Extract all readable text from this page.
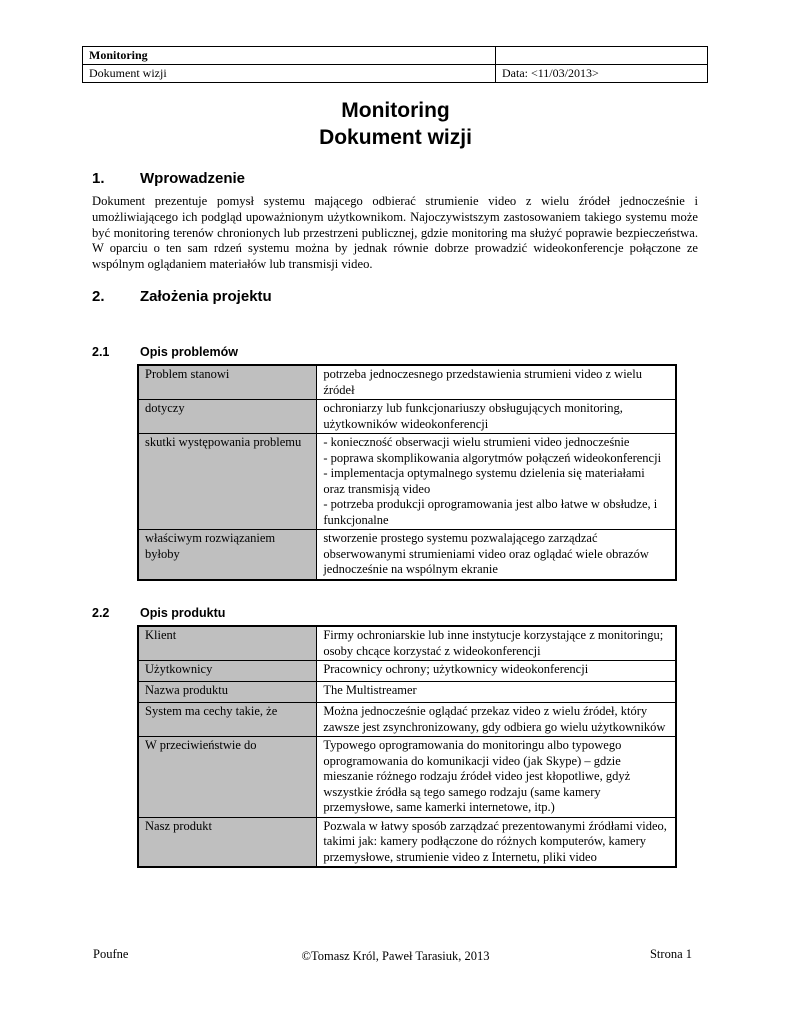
Monitoring	
Dokument wizji	Data: <11/03/2013>
Monitoring
Dokument wizji
1. Wprowadzenie

Dokument prezentuje pomysł systemu mającego odbierać strumienie video z wielu źródeł jednocześnie i umożliwiającego ich podgląd upoważnionym użytkownikom. Najoczywistszym zastosowaniem takiego systemu może być monitoring terenów chronionych lub przestrzeni publicznej, gdzie monitoring ma służyć poprawie bezpieczeństwa. W oparciu o ten sam rdzeń systemu można by jednak równie dobrze prowadzić wideokonferencje połączone ze wspólnym oglądaniem materiałów lub transmisji video.

2. Założenia projektu
2.1 Opis problemów
Problem stanowi	potrzeba jednoczesnego przedstawienia strumieni video z wielu źródeł
dotyczy	ochroniarzy lub funkcjonariuszy obsługujących monitoring, użytkowników wideokonferencji
skutki występowania problemu	- konieczność obserwacji wielu strumieni video jednocześnie
- poprawa skomplikowania algorytmów połączeń wideokonferencji
- implementacja optymalnego systemu dzielenia się materiałami oraz transmisją video
- potrzeba produkcji oprogramowania jest albo łatwe w obsłudze, i funkcjonalne
właściwym rozwiązaniem byłoby	stworzenie prostego systemu pozwalającego zarządzać obserwowanymi strumieniami video oraz oglądać wiele obrazów jednocześnie na wspólnym ekranie
2.2 Opis produktu
Klient	Firmy ochroniarskie lub inne instytucje korzystające z monitoringu; osoby chcące korzystać z wideokonferencji
Użytkownicy	Pracownicy ochrony; użytkownicy wideokonferencji
Nazwa produktu	The Multistreamer
System ma cechy takie, że	Można jednocześnie oglądać przekaz video z wielu źródeł, który zawsze jest zsynchronizowany, gdy odbiera go wielu użytkowników
W przeciwieństwie do	Typowego oprogramowania do monitoringu albo typowego oprogramowania do komunikacji video (jak Skype) – gdzie mieszanie różnego rodzaju źródeł video jest kłopotliwe, gdyż wszystkie źródła są tego samego rodzaju (same kamery przemysłowe, same kamerki internetowe, itp.)
Nasz produkt	Pozwala w łatwy sposób zarządzać prezentowanymi źródłami video, takimi jak: kamery podłączone do różnych komputerów, kamery przemysłowe, strumienie video z Internetu, pliki video
Poufne	©Tomasz Król, Paweł Tarasiuk, 2013	Strona 1
